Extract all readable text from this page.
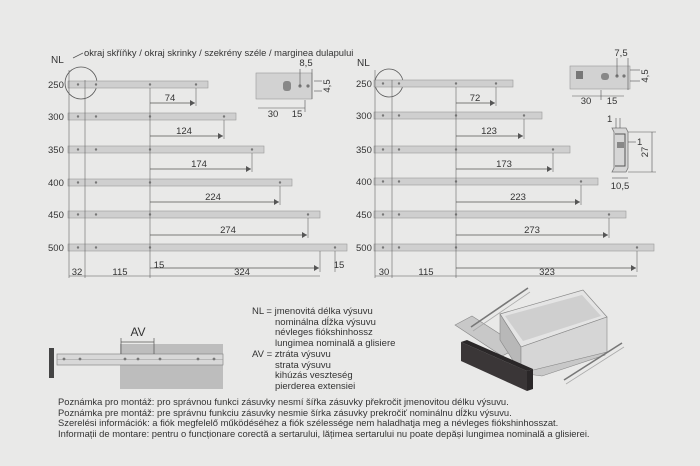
NL
okraj skříňky / okraj skrinky / szekrény széle / marginea dulapului
250
300
350
400
450
500
74
124
174
224
274
324
32	115
15	15
8,5
4,5
30 15
NL
250
300
350
400
450
500
72
123
173
223
273
323
30	115
7,5
4,5
30 15
1
1
27
10,5
AV
NL = jmenovitá délka výsuvu
nominálna dĺžka výsuvu
névleges fiókshinhossz
lungimea nominală a glisiere
AV = ztráta výsuvu
strata výsuvu
kihúzás veszteség
pierderea extensiei
Poznámka pro montáž: pro správnou funkci zásuvky nesmí šířka zásuvky překročit jmenovitou délku výsuvu.
Poznámka pre montáž: pre správnu funkciu zásuvky nesmie šírka zásuvky prekročiť nominálnu dĺžku výsuvu.
Szerelési információk: a fiók megfelelő működéséhez a fiók szélessége nem haladhatja meg a névleges fiókshinhosszat.
Informații de montare: pentru o funcționare corectă a sertarului, lățimea sertarului nu poate depăși lungimea nominală a glisierei.
